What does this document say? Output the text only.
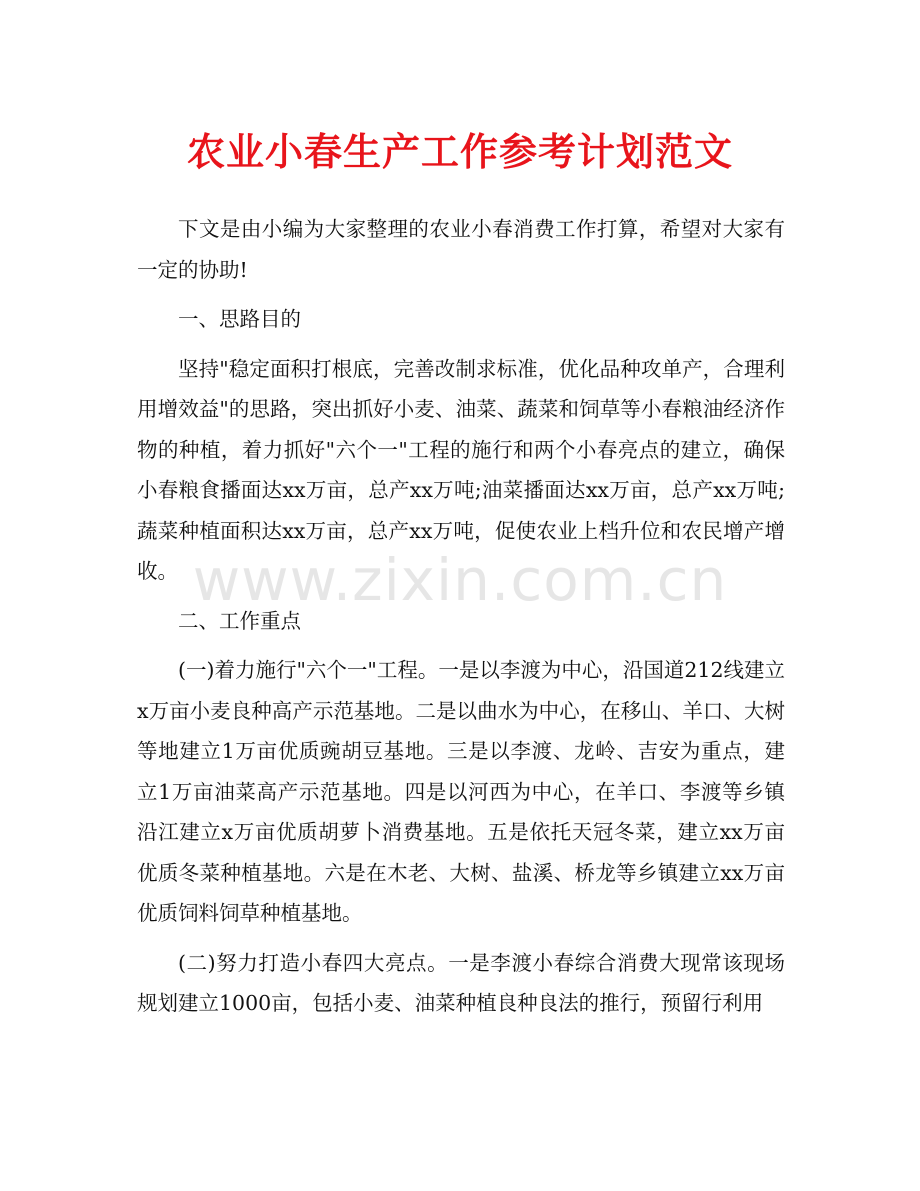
www.zixin.com.cn
农业小春生产工作参考计划范文

下文是由小编为大家整理的农业小春消费工作打算，希望对大家有一定的协助!

一、思路目的

坚持"稳定面积打根底，完善改制求标准，优化品种攻单产，合理利用增效益"的思路，突出抓好小麦、油菜、蔬菜和饲草等小春粮油经济作物的种植，着力抓好"六个一"工程的施行和两个小春亮点的建立，确保小春粮食播面达xx万亩，总产xx万吨;油菜播面达xx万亩，总产xx万吨;蔬菜种植面积达xx万亩，总产xx万吨，促使农业上档升位和农民增产增收。

二、工作重点

(一)着力施行"六个一"工程。一是以李渡为中心，沿国道212线建立x万亩小麦良种高产示范基地。二是以曲水为中心，在移山、羊口、大树等地建立1万亩优质豌胡豆基地。三是以李渡、龙岭、吉安为重点，建立1万亩油菜高产示范基地。四是以河西为中心，在羊口、李渡等乡镇沿江建立x万亩优质胡萝卜消费基地。五是依托天冠冬菜，建立xx万亩优质冬菜种植基地。六是在木老、大树、盐溪、桥龙等乡镇建立xx万亩优质饲料饲草种植基地。

(二)努力打造小春四大亮点。一是李渡小春综合消费大现常该现场规划建立1000亩，包括小麦、油菜种植良种良法的推行，预留行利用
